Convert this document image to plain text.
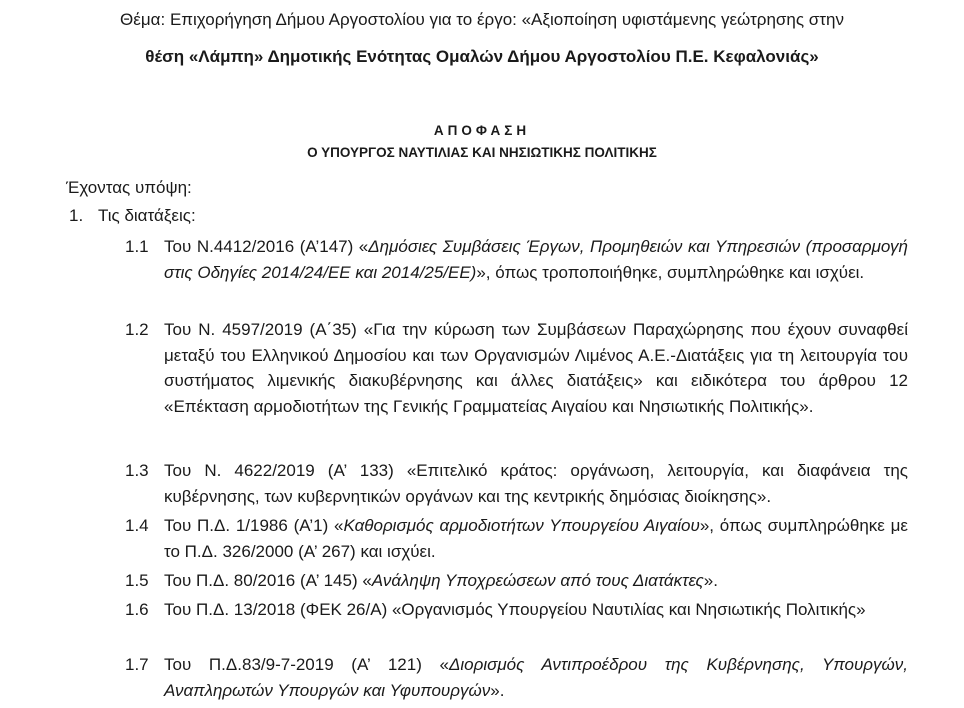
Θέμα: Επιχορήγηση Δήμου Αργοστολίου για το έργο: «Αξιοποίηση υφιστάμενης γεώτρησης στην
θέση «Λάμπη» Δημοτικής Ενότητας Ομαλών Δήμου Αργοστολίου Π.Ε. Κεφαλονιάς»
ΑΠΟΦΑΣΗ
Ο ΥΠΟΥΡΓΟΣ ΝΑΥΤΙΛΙΑΣ ΚΑΙ ΝΗΣΙΩΤΙΚΗΣ ΠΟΛΙΤΙΚΗΣ
Έχοντας υπόψη:
1. Τις διατάξεις:
1.1 Του Ν.4412/2016 (Α’147) «Δημόσιες Συμβάσεις Έργων, Προμηθειών και Υπηρεσιών (προσαρμογή στις Οδηγίες 2014/24/ΕΕ και 2014/25/ΕΕ)», όπως τροποποιήθηκε, συμπληρώθηκε και ισχύει.
1.2 Του Ν. 4597/2019 (Α΄35) «Για την κύρωση των Συμβάσεων Παραχώρησης που έχουν συναφθεί μεταξύ του Ελληνικού Δημοσίου και των Οργανισμών Λιμένος Α.Ε.-Διατάξεις για τη λειτουργία του συστήματος λιμενικής διακυβέρνησης και άλλες διατάξεις» και ειδικότερα του άρθρου 12 «Επέκταση αρμοδιοτήτων της Γενικής Γραμματείας Αιγαίου και Νησιωτικής Πολιτικής».
1.3 Του Ν. 4622/2019 (Α’ 133) «Επιτελικό κράτος: οργάνωση, λειτουργία, και διαφάνεια της κυβέρνησης, των κυβερνητικών οργάνων και της κεντρικής δημόσιας διοίκησης».
1.4 Του Π.Δ. 1/1986 (Α’1) «Καθορισμός αρμοδιοτήτων Υπουργείου Αιγαίου», όπως συμπληρώθηκε με το Π.Δ. 326/2000 (Α’ 267) και ισχύει.
1.5 Του Π.Δ. 80/2016 (Α’ 145) «Ανάληψη Υποχρεώσεων από τους Διατάκτες».
1.6 Του Π.Δ. 13/2018 (ΦΕΚ 26/Α) «Οργανισμός Υπουργείου Ναυτιλίας και Νησιωτικής Πολιτικής»
1.7 Του Π.Δ.83/9-7-2019 (Α’ 121) «Διορισμός Αντιπροέδρου της Κυβέρνησης, Υπουργών, Αναπληρωτών Υπουργών και Υφυπουργών».
